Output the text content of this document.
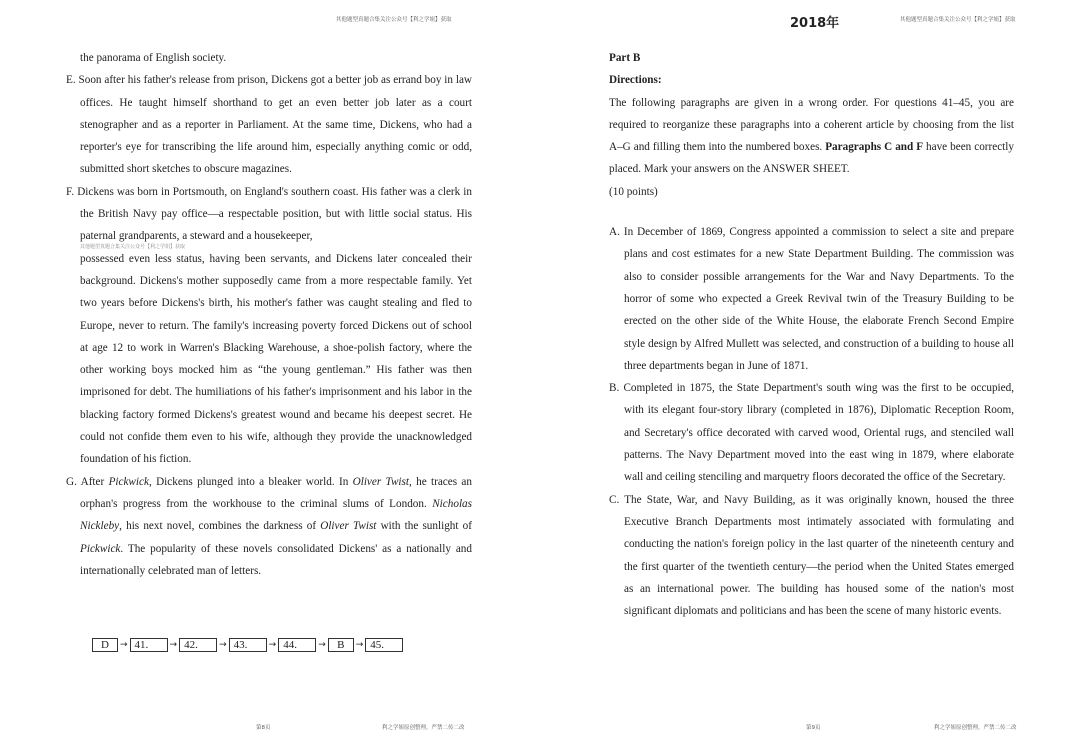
其他题型真题合集关注公众号【利之学姐】获取	2018年	其他题型真题合集关注公众号【利之学姐】获取

the panorama of English society.

E. Soon after his father's release from prison, Dickens got a better job as errand boy in law offices. He taught himself shorthand to get an even better job later as a court stenographer and as a reporter in Parliament. At the same time, Dickens, who had a reporter's eye for transcribing the life around him, especially anything comic or odd, submitted short sketches to obscure magazines.

F. Dickens was born in Portsmouth, on England's southern coast. His father was a clerk in the British Navy pay office—a respectable position, but with little social status. His paternal grandparents, a steward and a housekeeper,

其他题型真题合集关注公众号【利之学姐】获取

possessed even less status, having been servants, and Dickens later concealed their background. Dickens's mother supposedly came from a more respectable family. Yet two years before Dickens's birth, his mother's father was caught stealing and fled to Europe, never to return. The family's increasing poverty forced Dickens out of school at age 12 to work in Warren's Blacking Warehouse, a shoe-polish factory, where the other working boys mocked him as “the young gentleman.” His father was then imprisoned for debt. The humiliations of his father's imprisonment and his labor in the blacking factory formed Dickens's greatest wound and became his deepest secret. He could not confide them even to his wife, although they provide the unacknowledged foundation of his fiction.

G. After Pickwick, Dickens plunged into a bleaker world. In Oliver Twist, he traces an orphan's progress from the workhouse to the criminal slums of London. Nicholas Nickleby, his next novel, combines the darkness of Oliver Twist with the sunlight of Pickwick. The popularity of these novels consolidated Dickens' as a nationally and internationally celebrated man of letters.

D	→ 41.	→ 42.	→ 43.	→ 44.	→	B	→ 45.

Part B

Directions:

The following paragraphs are given in a wrong order. For questions 41–45, you are required to reorganize these paragraphs into a coherent article by choosing from the list A–G and filling them into the numbered boxes. Paragraphs C and F have been correctly placed. Mark your answers on the ANSWER SHEET.

(10 points)

A. In December of 1869, Congress appointed a commission to select a site and prepare plans and cost estimates for a new State Department Building. The commission was also to consider possible arrangements for the War and Navy Departments. To the horror of some who expected a Greek Revival twin of the Treasury Building to be erected on the other side of the White House, the elaborate French Second Empire style design by Alfred Mullett was selected, and construction of a building to house all three departments began in June of 1871.

B. Completed in 1875, the State Department's south wing was the first to be occupied, with its elegant four-story library (completed in 1876), Diplomatic Reception Room, and Secretary's office decorated with carved wood, Oriental rugs, and stenciled wall patterns. The Navy Department moved into the east wing in 1879, where elaborate wall and ceiling stenciling and marquetry floors decorated the office of the Secretary.

C. The State, War, and Navy Building, as it was originally known, housed the three Executive Branch Departments most intimately associated with formulating and conducting the nation's foreign policy in the last quarter of the nineteenth century and the first quarter of the twentieth century—the period when the United States emerged as an international power. The building has housed some of the nation's most significant diplomats and politicians and has been the scene of many historic events.

第8页	利之学姐原创整理，严禁二传二改	第9页	利之学姐原创整理，严禁二传二改
